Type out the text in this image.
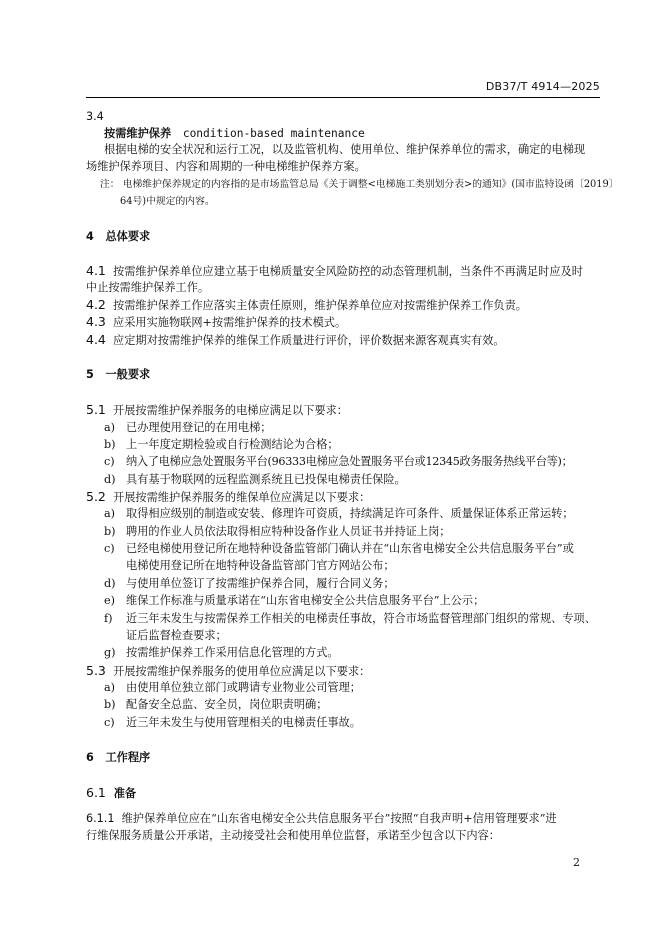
DB37/T 4914—2025
3.4
按需维护保养 condition-based maintenance
根据电梯的安全状况和运行工况，以及监管机构、使用单位、维护保养单位的需求，确定的电梯现
场维护保养项目、内容和周期的一种电梯维护保养方案。
注： 电梯维护保养规定的内容指的是市场监管总局《关于调整<电梯施工类别划分表>的通知》(国市监特设函〔2019〕
64号)中规定的内容。
4 总体要求
4.1 按需维护保养单位应建立基于电梯质量安全风险防控的动态管理机制，当条件不再满足时应及时
中止按需维护保养工作。
4.2 按需维护保养工作应落实主体责任原则，维护保养单位应对按需维护保养工作负责。
4.3 应采用实施物联网+按需维护保养的技术模式。
4.4 应定期对按需维护保养的维保工作质量进行评价，评价数据来源客观真实有效。
5 一般要求
5.1 开展按需维护保养服务的电梯应满足以下要求：
a) 已办理使用登记的在用电梯；
b) 上一年度定期检验或自行检测结论为合格；
c) 纳入了电梯应急处置服务平台(96333电梯应急处置服务平台或12345政务服务热线平台等)；
d) 具有基于物联网的远程监测系统且已投保电梯责任保险。
5.2 开展按需维护保养服务的维保单位应满足以下要求：
a) 取得相应级别的制造或安装、修理许可资质，持续满足许可条件、质量保证体系正常运转；
b) 聘用的作业人员依法取得相应特种设备作业人员证书并持证上岗；
c) 已经电梯使用登记所在地特种设备监管部门确认并在“山东省电梯安全公共信息服务平台”或
电梯使用登记所在地特种设备监管部门官方网站公布；
d) 与使用单位签订了按需维护保养合同，履行合同义务；
e) 维保工作标准与质量承诺在“山东省电梯安全公共信息服务平台”上公示；
f) 近三年未发生与按需保养工作相关的电梯责任事故，符合市场监督管理部门组织的常规、专项、
证后监督检查要求；
g) 按需维护保养工作采用信息化管理的方式。
5.3 开展按需维护保养服务的使用单位应满足以下要求：
a) 由使用单位独立部门或聘请专业物业公司管理；
b) 配备安全总监、安全员，岗位职责明确；
c) 近三年未发生与使用管理相关的电梯责任事故。
6 工作程序
6.1 准备
6.1.1 维护保养单位应在“山东省电梯安全公共信息服务平台”按照“自我声明+信用管理要求”进
行维保服务质量公开承诺，主动接受社会和使用单位监督，承诺至少包含以下内容：
2
